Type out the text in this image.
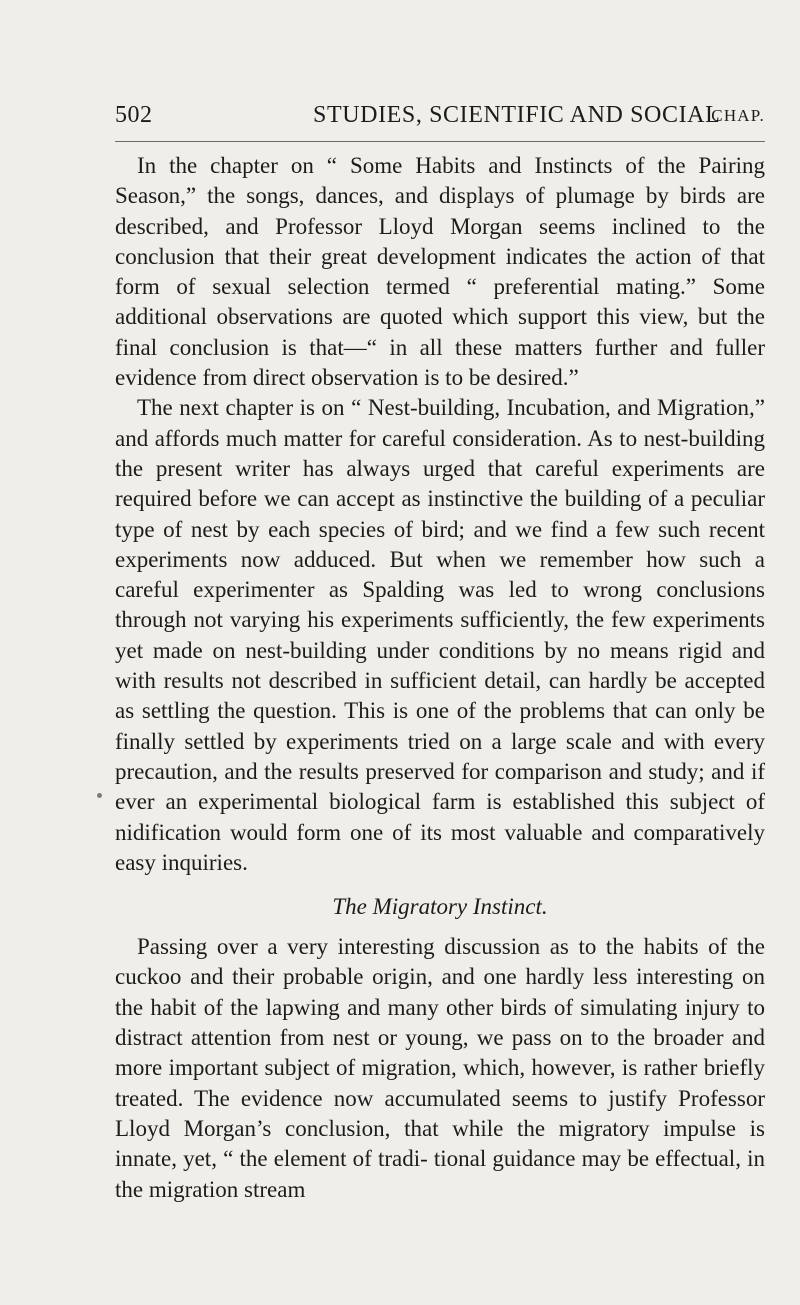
502	STUDIES, SCIENTIFIC AND SOCIAL
CHAP.

In the chapter on “ Some Habits and Instincts of the Pairing Season,” the songs, dances, and displays of plumage by birds are described, and Professor Lloyd Morgan seems inclined to the conclusion that their great development indicates the action of that form of sexual selection termed “ preferential mating.” Some additional observations are quoted which support this view, but the final conclusion is that—“ in all these matters further and fuller evidence from direct observation is to be desired.”

The next chapter is on “ Nest-building, Incubation, and Migration,” and affords much matter for careful consideration. As to nest-building the present writer has always urged that careful experiments are required before we can accept as instinctive the building of a peculiar type of nest by each species of bird; and we find a few such recent experiments now adduced. But when we remember how such a careful experimenter as Spalding was led to wrong conclusions through not varying his experiments sufficiently, the few experiments yet made on nest-building under conditions by no means rigid and with results not described in sufficient detail, can hardly be accepted as settling the question. This is one of the problems that can only be finally settled by experiments tried on a large scale and with every precaution, and the results preserved for comparison and study; and if ever an experimental biological farm is established this subject of nidification would form one of its most valuable and comparatively easy inquiries.

The Migratory Instinct.

Passing over a very interesting discussion as to the habits of the cuckoo and their probable origin, and one hardly less interesting on the habit of the lapwing and many other birds of simulating injury to distract attention from nest or young, we pass on to the broader and more important subject of migration, which, however, is rather briefly treated. The evidence now accumulated seems to justify Professor Lloyd Morgan’s conclusion, that while the migratory impulse is innate, yet, “ the element of tradi- tional guidance may be effectual, in the migration stream
